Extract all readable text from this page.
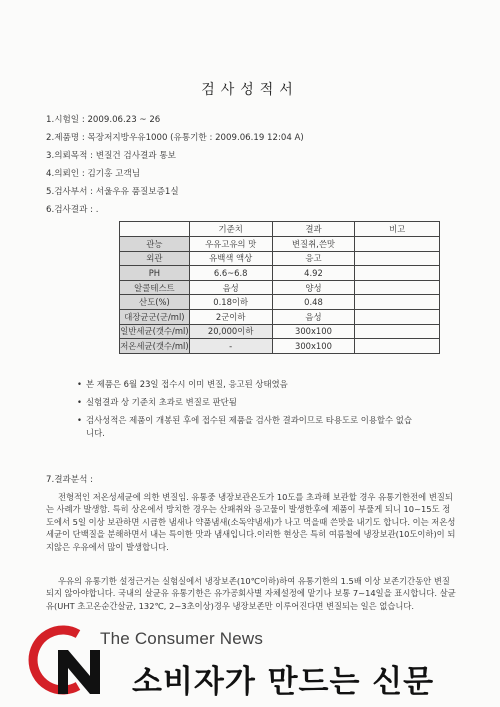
검사성적서
1.시험일 : 2009.06.23 ~ 26
2.제품명 : 목장저지방우유1000 (유통기한 : 2009.06.19 12:04 A)
3.의뢰목적 : 변질건 검사결과 통보
4.의뢰인 : 김기홍 고객님
5.검사부서 : 서울우유 품질보증1실
6.검사결과 : .
	기준치	결과	비고
관능	우유고유의 맛	변질취,쓴맛	
외관	유백색 액상	응고	
PH	6.6~6.8	4.92	
알콜테스트	음성	양성	
산도(%)	0.18이하	0.48	
대장균군(군/ml)	2군이하	음성	
일반세균(갯수/ml)	20,000이하	300x100	
저온세균(갯수/ml)	-	300x100	
• 본 제품은 6월 23일 접수시 이미 변질, 응고된 상태였음
• 실험결과 상 기준치 초과로 변질로 판단됨
• 검사성적은 제품이 개봉된 후에 접수된 제품을 검사한 결과이므로 타용도로 이용할수 없습니다.
7.결과분석 :
전형적인 저온성세균에 의한 변질임. 유통중 냉장보관온도가 10도를 초과해 보관할 경우 유통기한전에 변질되는 사례가 발생함. 특히 상온에서 방치한 경우는 산패취와 응고물이 발생한후에 제품이 부풀게 되니 10~15도 정도에서 5일 이상 보관하면 시큼한 냄새나 약품냄새(소독약냄새)가 나고 먹을때 쓴맛을 내기도 합니다. 이는 저온성세균이 단백질을 분해하면서 내는 특이한 맛과 냄새입니다.이러한 현상은 특히 여름철에 냉장보관(10도이하)이 되지않은 우유에서 많이 발생합니다.
우유의 유통기한 설정근거는 실험실에서 냉장보존(10℃이하)하여 유통기한의 1.5배 이상 보존기간동안 변질되지 않아야합니다. 국내의 살균유 유통기한은 유가공회사별 자체설정에 맡기나 보통 7~14일을 표시합니다. 살균유(UHT 초고온순간살균, 132℃, 2~3초이상)경우 냉장보존만 이루어진다면 변질되는 일은 없습니다.
The Consumer News
소비자가 만드는 신문
